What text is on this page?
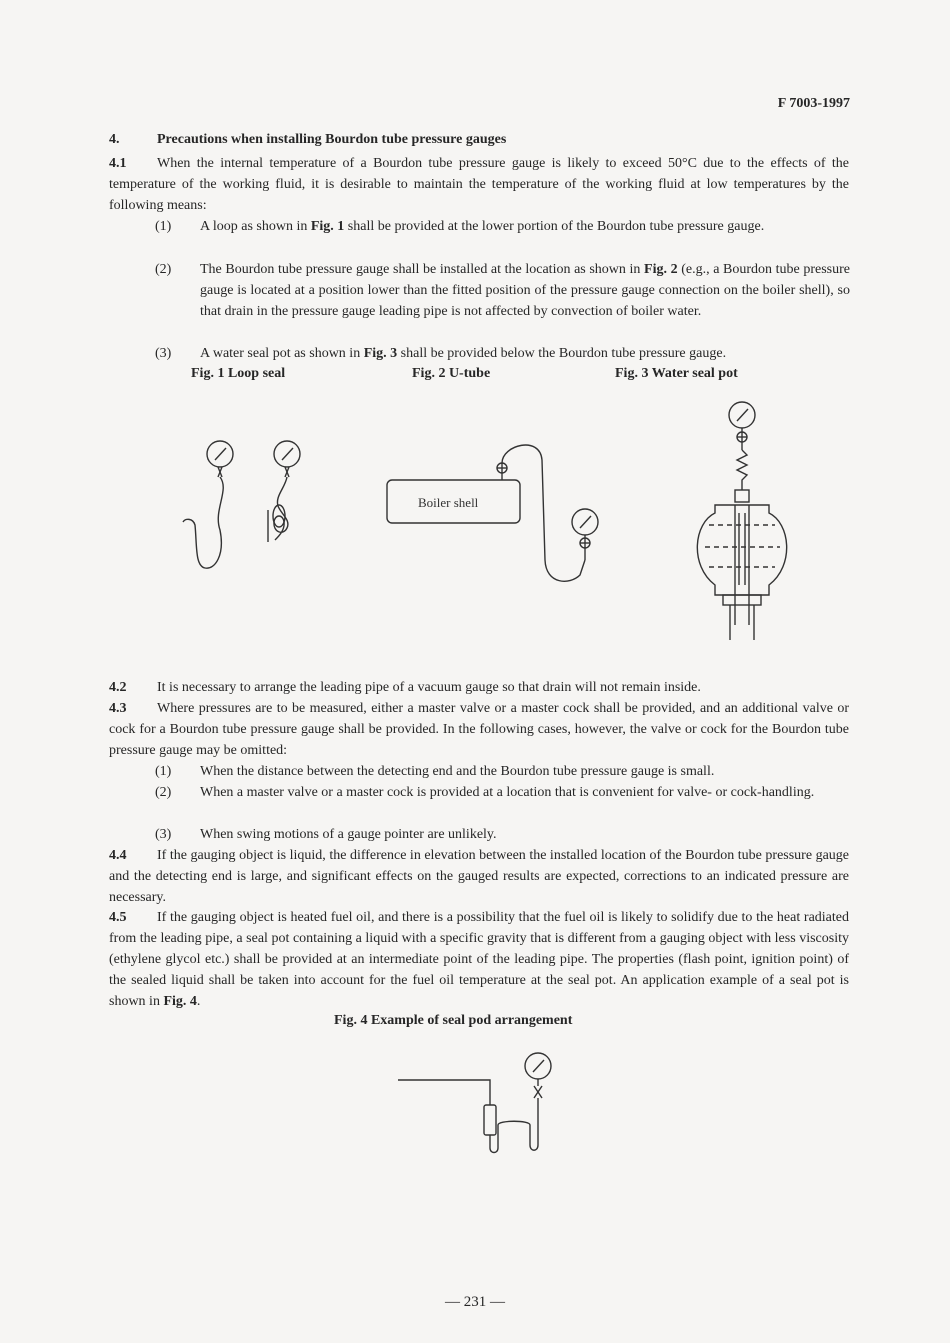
F 7003-1997
4.	Precautions when installing Bourdon tube pressure gauges
4.1 When the internal temperature of a Bourdon tube pressure gauge is likely to exceed 50°C due to the effects of the temperature of the working fluid, it is desirable to maintain the temperature of the working fluid at low temperatures by the following means:
(1)	A loop as shown in Fig. 1 shall be provided at the lower portion of the Bourdon tube pressure gauge.
(2)	The Bourdon tube pressure gauge shall be installed at the location as shown in Fig. 2 (e.g., a Bourdon tube pressure gauge is located at a position lower than the fitted position of the pressure gauge connection on the boiler shell), so that drain in the pressure gauge leading pipe is not affected by convection of boiler water.
(3)	A water seal pot as shown in Fig. 3 shall be provided below the Bourdon tube pressure gauge.
Fig. 1 Loop seal	Fig. 2 U-tube	Fig. 3 Water seal pot
Boiler shell
4.2 It is necessary to arrange the leading pipe of a vacuum gauge so that drain will not remain inside.
4.3 Where pressures are to be measured, either a master valve or a master cock shall be provided, and an additional valve or cock for a Bourdon tube pressure gauge shall be provided. In the following cases, however, the valve or cock for the Bourdon tube pressure gauge may be omitted:
(1)	When the distance between the detecting end and the Bourdon tube pressure gauge is small.
(2)	When a master valve or a master cock is provided at a location that is convenient for valve- or cock-handling.
(3)	When swing motions of a gauge pointer are unlikely.
4.4 If the gauging object is liquid, the difference in elevation between the installed location of the Bourdon tube pressure gauge and the detecting end is large, and significant effects on the gauged results are expected, corrections to an indicated pressure are necessary.
4.5 If the gauging object is heated fuel oil, and there is a possibility that the fuel oil is likely to solidify due to the heat radiated from the leading pipe, a seal pot containing a liquid with a specific gravity that is different from a gauging object with less viscosity (ethylene glycol etc.) shall be provided at an intermediate point of the leading pipe. The properties (flash point, ignition point) of the sealed liquid shall be taken into account for the fuel oil temperature at the seal pot. An application example of a seal pot is shown in Fig. 4.
Fig. 4 Example of seal pod arrangement
— 231 —
